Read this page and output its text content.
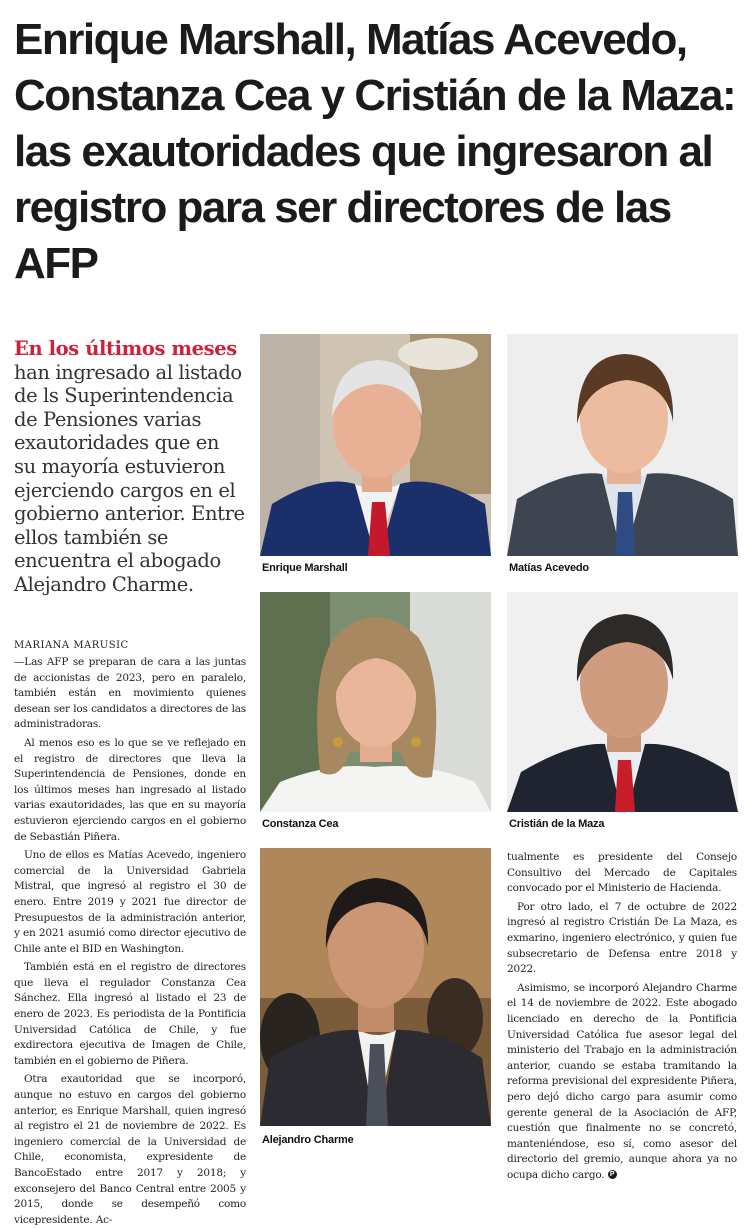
Enrique Marshall, Matías Acevedo, Constanza Cea y Cristián de la Maza: las exautoridades que ingresaron al registro para ser directores de las AFP

En los últimos meses han ingresado al listado de ls Superintendencia de Pensiones varias exautoridades que en su mayoría estuvieron ejerciendo cargos en el gobierno anterior. Entre ellos también se encuentra el abogado Alejandro Charme.

MARIANA MARUSIC

—Las AFP se preparan de cara a las juntas de accionistas de 2023, pero en paralelo, también están en movimiento quienes desean ser los candidatos a directores de las administradoras.

Al menos eso es lo que se ve reflejado en el registro de directores que lleva la Superintendencia de Pensiones, donde en los últimos meses han ingresado al listado varias exautoridades, las que en su mayoría estuvieron ejerciendo cargos en el gobierno de Sebastián Piñera.

Uno de ellos es Matías Acevedo, ingeniero comercial de la Universidad Gabriela Mistral, que ingresó al registro el 30 de enero. Entre 2019 y 2021 fue director de Presupuestos de la administración anterior, y en 2021 asumió como director ejecutivo de Chile ante el BID en Washington.

También está en el registro de directores que lleva el regulador Constanza Cea Sánchez. Ella ingresó al listado el 23 de enero de 2023. Es periodista de la Pontificia Universidad Católica de Chile, y fue exdirectora ejecutiva de Imagen de Chile, también en el gobierno de Piñera.

Otra exautoridad que se incorporó, aunque no estuvo en cargos del gobierno anterior, es Enrique Marshall, quien ingresó al registro el 21 de noviembre de 2022. Es ingeniero comercial de la Universidad de Chile, economista, expresidente de BancoEstado entre 2017 y 2018; y exconsejero del Banco Central entre 2005 y 2015, donde se desempeñó como vicepresidente. Ac-

tualmente es presidente del Consejo Consultivo del Mercado de Capitales convocado por el Ministerio de Hacienda.

Por otro lado, el 7 de octubre de 2022 ingresó al registro Cristián De La Maza, es exmarino, ingeniero electrónico, y quien fue subsecretario de Defensa entre 2018 y 2022.

Asimismo, se incorporó Alejandro Charme el 14 de noviembre de 2022. Este abogado licenciado en derecho de la Pontificia Universidad Católica fue asesor legal del ministerio del Trabajo en la administración anterior, cuando se estaba tramitando la reforma previsional del expresidente Piñera, pero dejó dicho cargo para asumir como gerente general de la Asociación de AFP, cuestión que finalmente no se concretó, manteniéndose, eso sí, como asesor del directorio del gremio, aunque ahora ya no ocupa dicho cargo. P

Enrique Marshall	Matías Acevedo
Constanza Cea	Cristián de la Maza
Alejandro Charme
